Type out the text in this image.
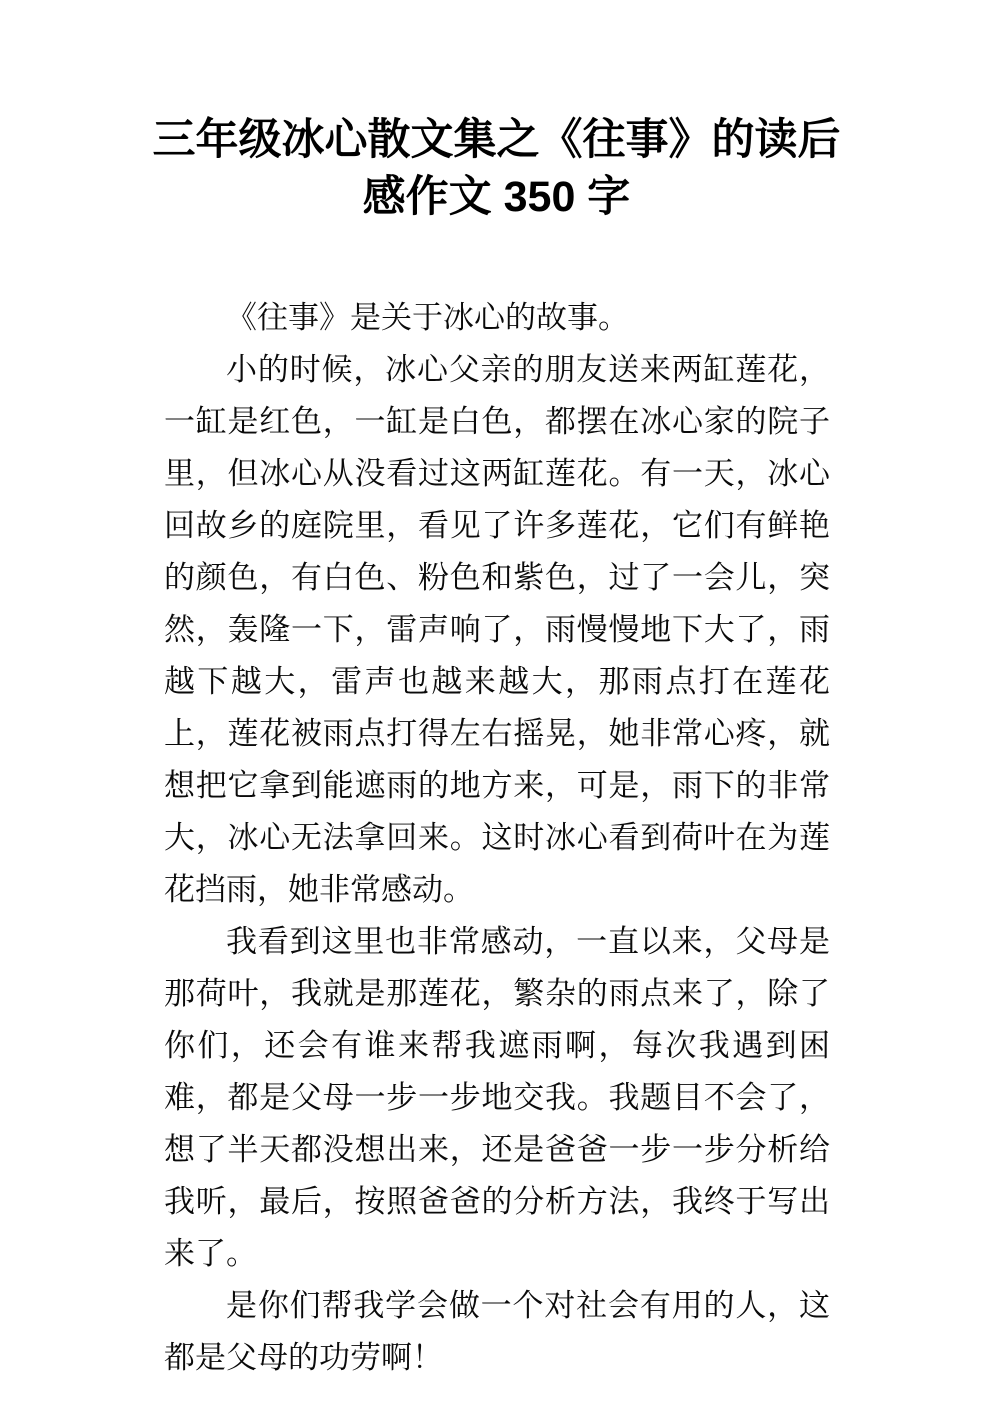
三年级冰心散文集之《往事》的读后
感作文 350 字

《往事》是关于冰心的故事。

小的时候，冰心父亲的朋友送来两缸莲花，一缸是红色，一缸是白色，都摆在冰心家的院子里，但冰心从没看过这两缸莲花。有一天，冰心回故乡的庭院里，看见了许多莲花，它们有鲜艳的颜色，有白色、粉色和紫色，过了一会儿，突然，轰隆一下，雷声响了，雨慢慢地下大了，雨越下越大，雷声也越来越大，那雨点打在莲花上，莲花被雨点打得左右摇晃，她非常心疼，就想把它拿到能遮雨的地方来，可是，雨下的非常大，冰心无法拿回来。这时冰心看到荷叶在为莲花挡雨，她非常感动。

我看到这里也非常感动，一直以来，父母是那荷叶，我就是那莲花，繁杂的雨点来了，除了你们，还会有谁来帮我遮雨啊，每次我遇到困难，都是父母一步一步地交我。我题目不会了，想了半天都没想出来，还是爸爸一步一步分析给我听，最后，按照爸爸的分析方法，我终于写出来了。

是你们帮我学会做一个对社会有用的人，这都是父母的功劳啊！
